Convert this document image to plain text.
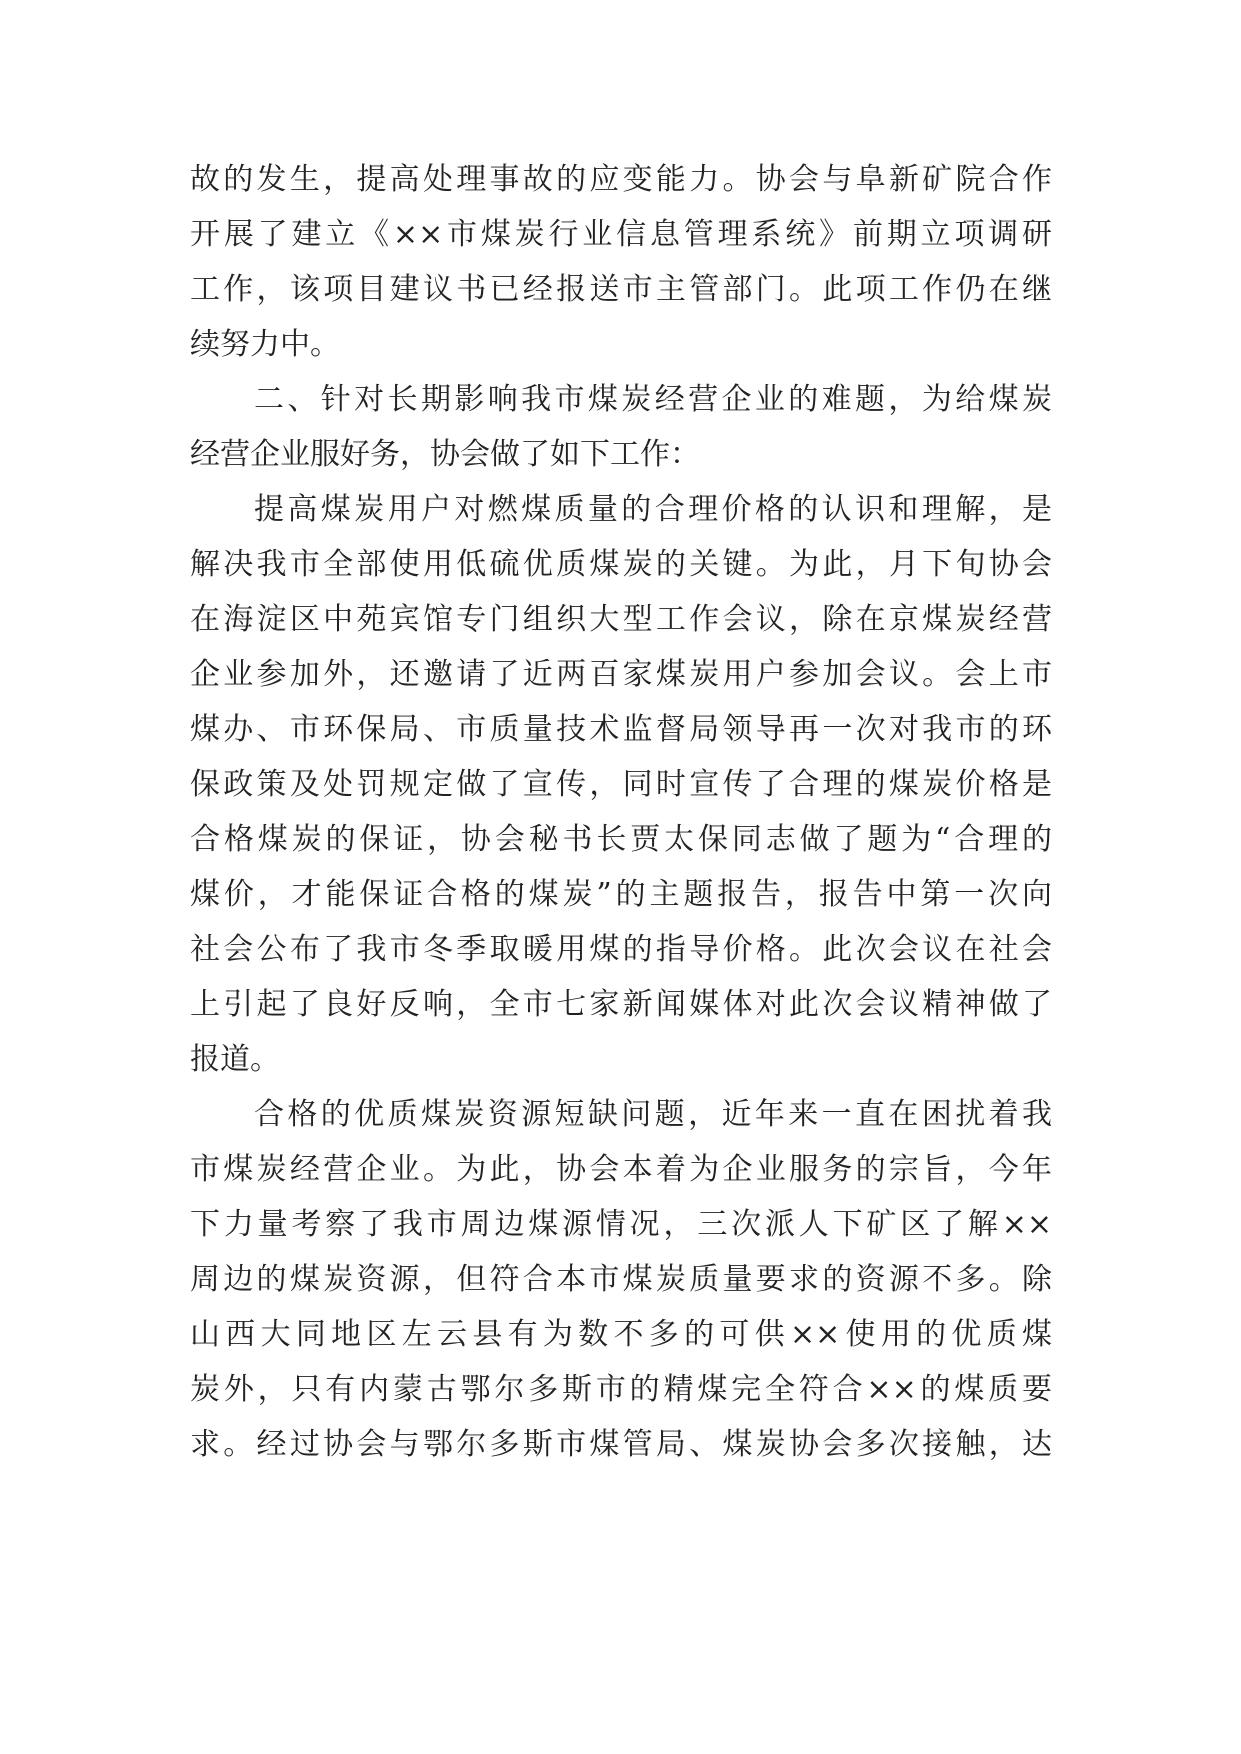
故的发生，提高处理事故的应变能力。协会与阜新矿院合作
开展了建立《××市煤炭行业信息管理系统》前期立项调研
工作，该项目建议书已经报送市主管部门。此项工作仍在继
续努力中。
二、针对长期影响我市煤炭经营企业的难题，为给煤炭
经营企业服好务，协会做了如下工作：
提高煤炭用户对燃煤质量的合理价格的认识和理解，是
解决我市全部使用低硫优质煤炭的关键。为此，月下旬协会
在海淀区中苑宾馆专门组织大型工作会议，除在京煤炭经营
企业参加外，还邀请了近两百家煤炭用户参加会议。会上市
煤办、市环保局、市质量技术监督局领导再一次对我市的环
保政策及处罚规定做了宣传，同时宣传了合理的煤炭价格是
合格煤炭的保证，协会秘书长贾太保同志做了题为“合理的
煤价，才能保证合格的煤炭”的主题报告，报告中第一次向
社会公布了我市冬季取暖用煤的指导价格。此次会议在社会
上引起了良好反响，全市七家新闻媒体对此次会议精神做了
报道。
合格的优质煤炭资源短缺问题，近年来一直在困扰着我
市煤炭经营企业。为此，协会本着为企业服务的宗旨，今年
下力量考察了我市周边煤源情况，三次派人下矿区了解××
周边的煤炭资源，但符合本市煤炭质量要求的资源不多。除
山西大同地区左云县有为数不多的可供××使用的优质煤
炭外，只有内蒙古鄂尔多斯市的精煤完全符合××的煤质要
求。经过协会与鄂尔多斯市煤管局、煤炭协会多次接触，达
